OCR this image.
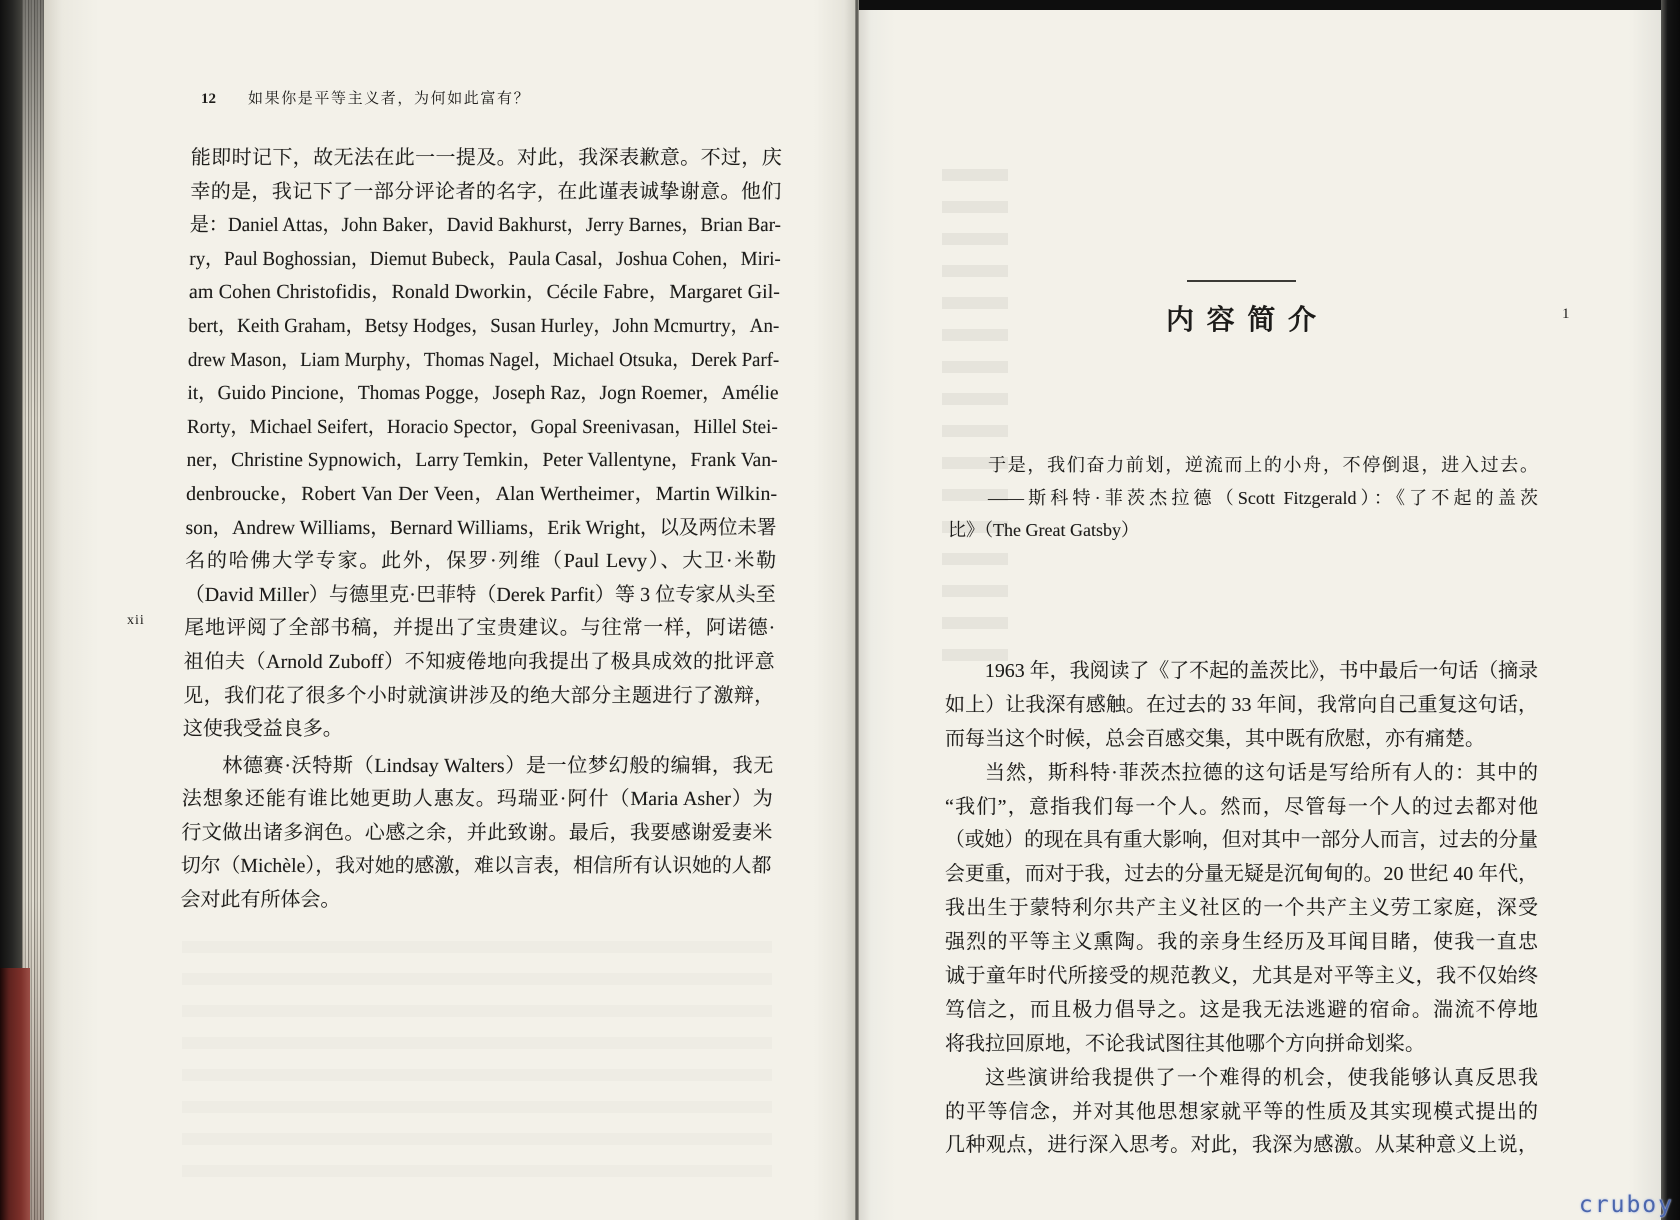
12 如果你是平等主义者，为何如此富有？
xii
能即时记下，故无法在此一一提及。对此，我深表歉意。不过，庆
幸的是，我记下了一部分评论者的名字，在此谨表诚挚谢意。他们
是：Daniel Attas，John Baker，David Bakhurst，Jerry Barnes，Brian Bar-
ry，Paul Boghossian，Diemut Bubeck，Paula Casal，Joshua Cohen，Miri-
am Cohen Christofidis，Ronald Dworkin，Cécile Fabre，Margaret Gil-
bert，Keith Graham，Betsy Hodges，Susan Hurley，John Mcmurtry，An-
drew Mason，Liam Murphy，Thomas Nagel，Michael Otsuka，Derek Parf-
it，Guido Pincione，Thomas Pogge，Joseph Raz，Jogn Roemer，Amélie
Rorty，Michael Seifert，Horacio Spector，Gopal Sreenivasan，Hillel Stei-
ner，Christine Sypnowich，Larry Temkin，Peter Vallentyne，Frank Van-
denbroucke，Robert Van Der Veen，Alan Wertheimer，Martin Wilkin-
son，Andrew Williams，Bernard Williams，Erik Wright，以及两位未署
名的哈佛大学专家。此外，保罗·列维（Paul Levy）、大卫·米勒
（David Miller）与德里克·巴菲特（Derek Parfit）等 3 位专家从头至
尾地评阅了全部书稿，并提出了宝贵建议。与往常一样，阿诺德·
祖伯夫（Arnold Zuboff）不知疲倦地向我提出了极具成效的批评意
见，我们花了很多个小时就演讲涉及的绝大部分主题进行了激辩，
这使我受益良多。
林德赛·沃特斯（Lindsay Walters）是一位梦幻般的编辑，我无
法想象还能有谁比她更助人惠友。玛瑞亚·阿什（Maria Asher）为
行文做出诸多润色。心感之余，并此致谢。最后，我要感谢爱妻米
切尔（Michèle），我对她的感激，难以言表，相信所有认识她的人都
会对此有所体会。
内容简介	1
于是，我们奋力前划，逆流而上的小舟，不停倒退，进入过去。
——斯科特·菲茨杰拉德（Scott Fitzgerald）：《了不起的盖茨
比》（The Great Gatsby）
1963 年，我阅读了《了不起的盖茨比》，书中最后一句话（摘录
如上）让我深有感触。在过去的 33 年间，我常向自己重复这句话，
而每当这个时候，总会百感交集，其中既有欣慰，亦有痛楚。
当然，斯科特·菲茨杰拉德的这句话是写给所有人的：其中的
“我们”，意指我们每一个人。然而，尽管每一个人的过去都对他
（或她）的现在具有重大影响，但对其中一部分人而言，过去的分量
会更重，而对于我，过去的分量无疑是沉甸甸的。20 世纪 40 年代，
我出生于蒙特利尔共产主义社区的一个共产主义劳工家庭，深受
强烈的平等主义熏陶。我的亲身生经历及耳闻目睹，使我一直忠
诚于童年时代所接受的规范教义，尤其是对平等主义，我不仅始终
笃信之，而且极力倡导之。这是我无法逃避的宿命。湍流不停地
将我拉回原地，不论我试图往其他哪个方向拼命划桨。
这些演讲给我提供了一个难得的机会，使我能够认真反思我
的平等信念，并对其他思想家就平等的性质及其实现模式提出的
几种观点，进行深入思考。对此，我深为感激。从某种意义上说，
cruboy
